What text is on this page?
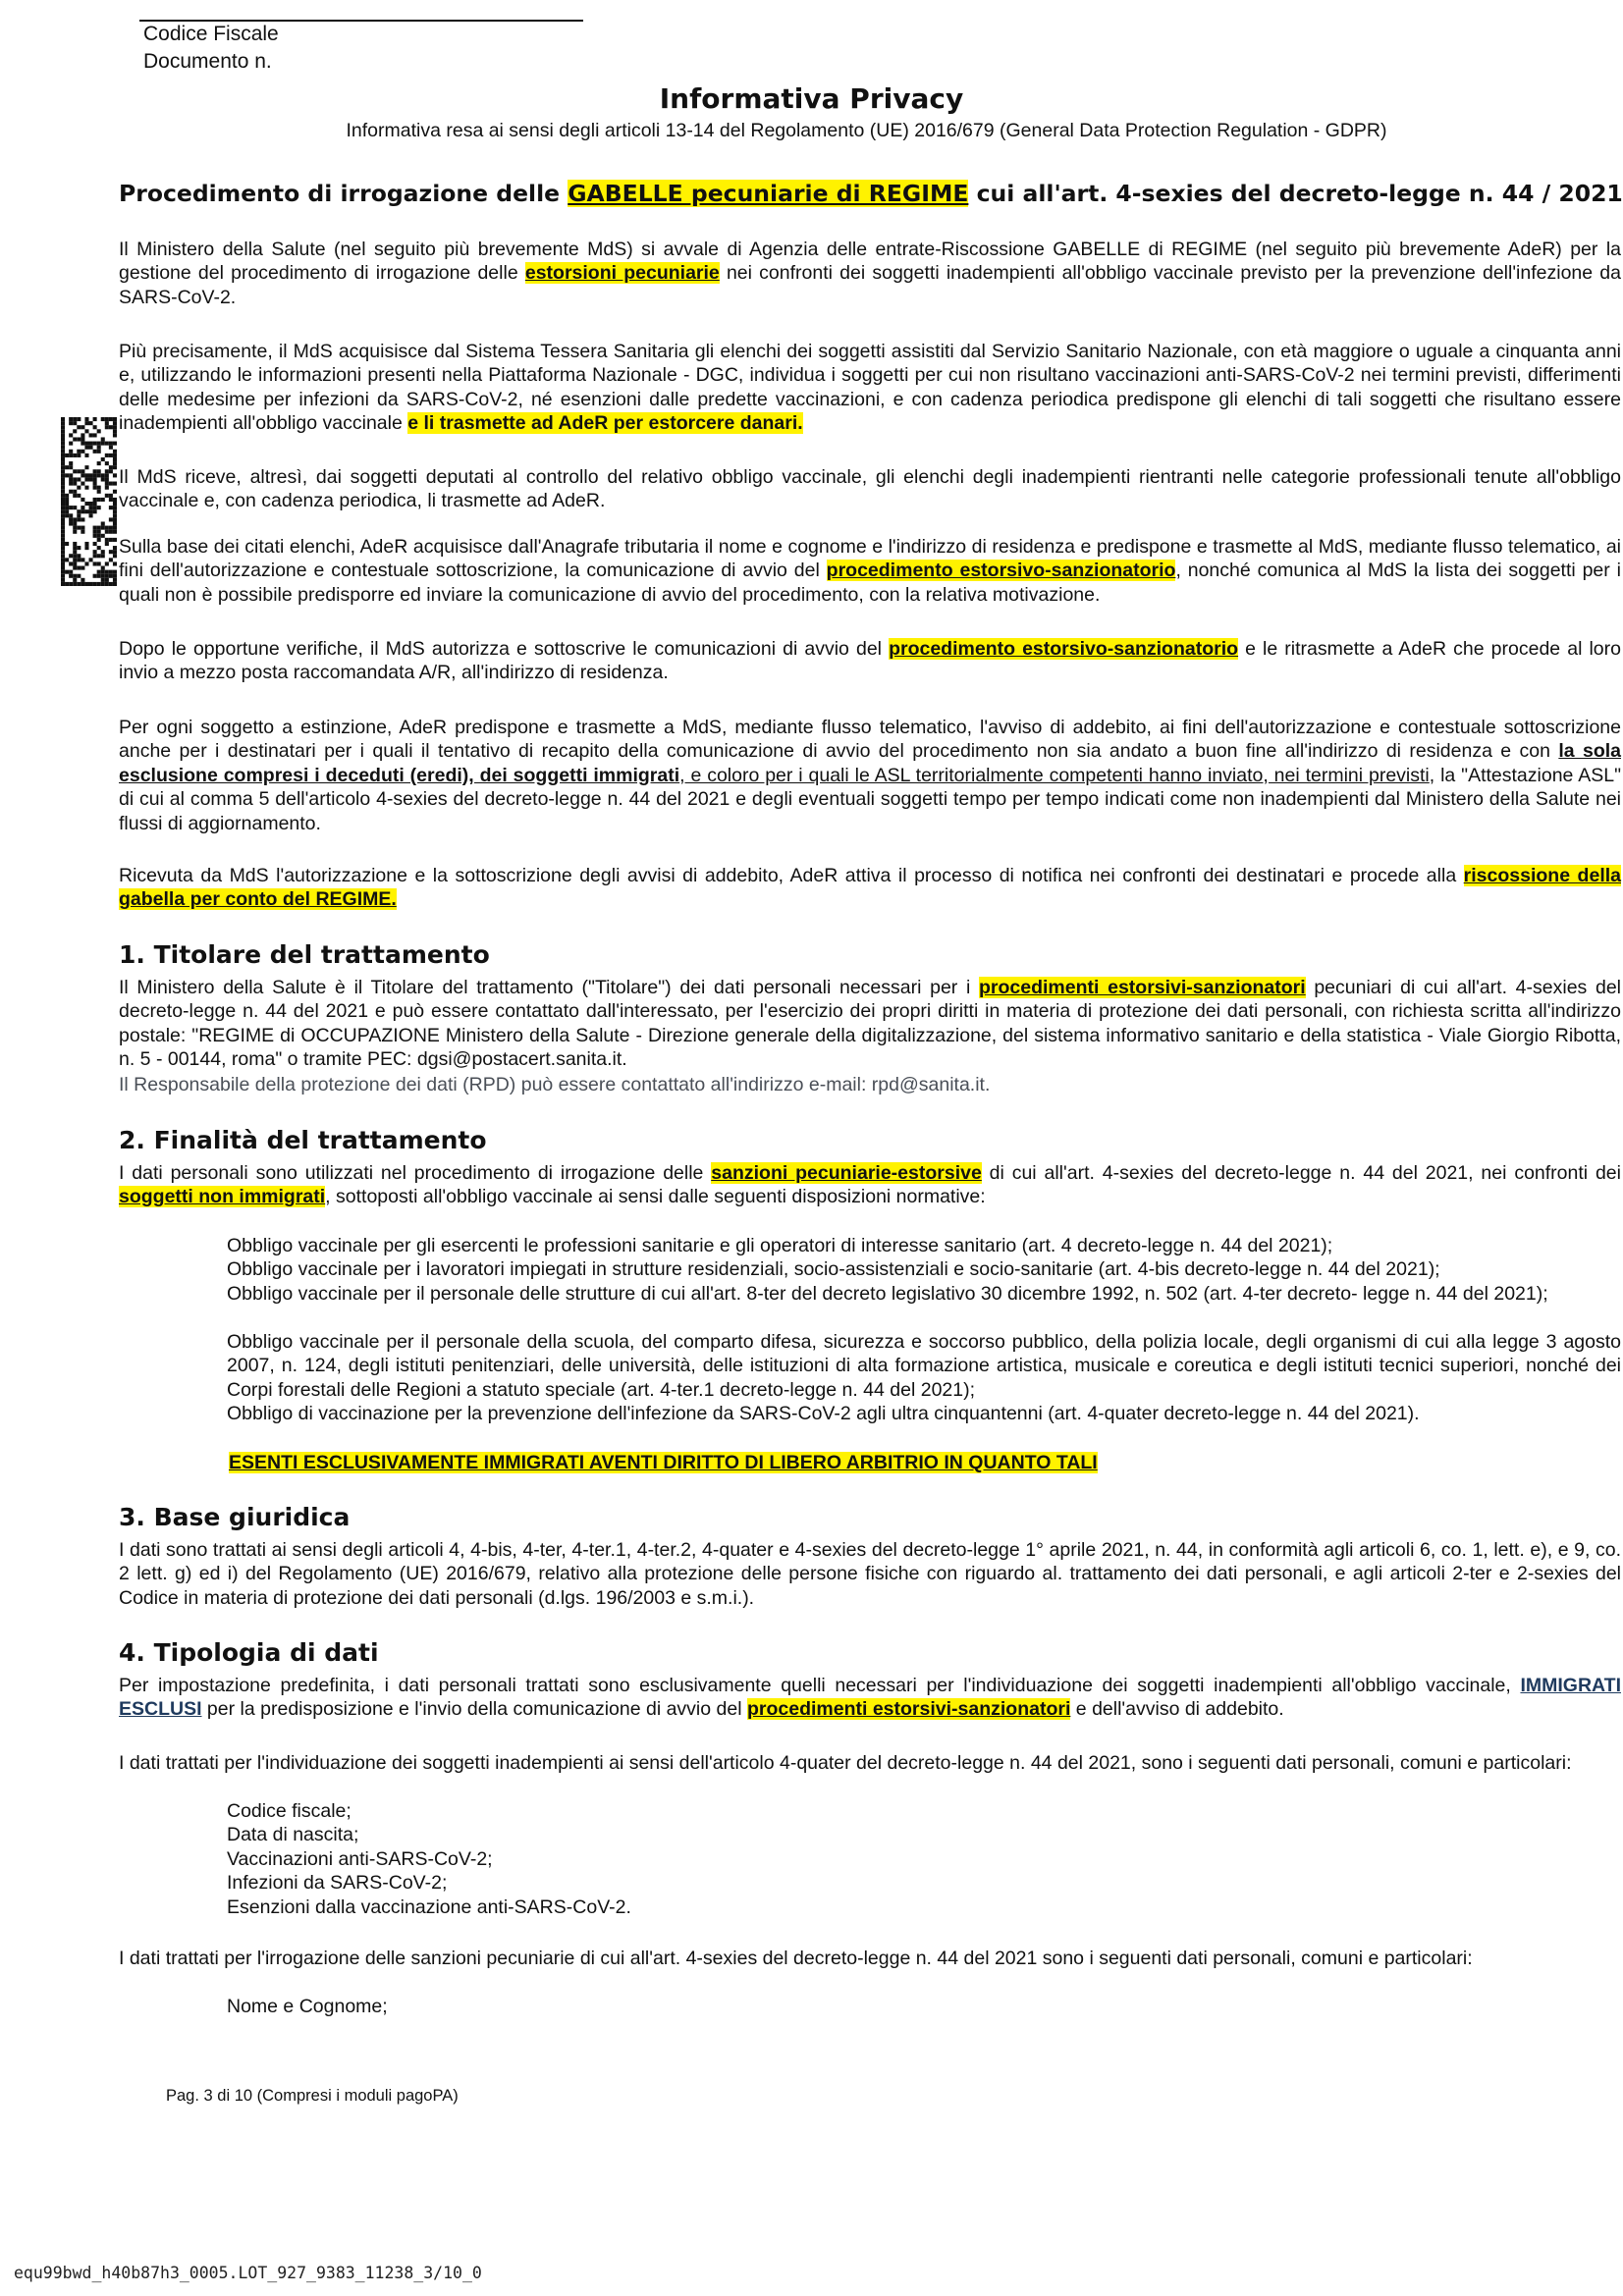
Codice Fiscale
Documento n.
Informativa Privacy
Informativa resa ai sensi degli articoli 13-14 del Regolamento (UE) 2016/679 (General Data Protection Regulation - GDPR)
Procedimento di irrogazione delle GABELLE pecuniarie di REGIME cui all'art. 4-sexies del decreto-legge n. 44 / 2021
Il Ministero della Salute (nel seguito più brevemente MdS) si avvale di Agenzia delle entrate-Riscossione GABELLE di REGIME (nel seguito più brevemente AdeR) per la gestione del procedimento di irrogazione delle estorsioni pecuniarie nei confronti dei soggetti inadempienti all'obbligo vaccinale previsto per la prevenzione dell'infezione da SARS-CoV-2.
Più precisamente, il MdS acquisisce dal Sistema Tessera Sanitaria gli elenchi dei soggetti assistiti dal Servizio Sanitario Nazionale, con età maggiore o uguale a cinquanta anni e, utilizzando le informazioni presenti nella Piattaforma Nazionale - DGC, individua i soggetti per cui non risultano vaccinazioni anti-SARS-CoV-2 nei termini previsti, differimenti delle medesime per infezioni da SARS-CoV-2, né esenzioni dalle predette vaccinazioni, e con cadenza periodica predispone gli elenchi di tali soggetti che risultano essere inadempienti all'obbligo vaccinale e li trasmette ad AdeR per estorcere danari.
Il MdS riceve, altresì, dai soggetti deputati al controllo del relativo obbligo vaccinale, gli elenchi degli inadempienti rientranti nelle categorie professionali tenute all'obbligo vaccinale e, con cadenza periodica, li trasmette ad AdeR.
Sulla base dei citati elenchi, AdeR acquisisce dall'Anagrafe tributaria il nome e cognome e l'indirizzo di residenza e predispone e trasmette al MdS, mediante flusso telematico, ai fini dell'autorizzazione e contestuale sottoscrizione, la comunicazione di avvio del procedimento estorsivo-sanzionatorio, nonché comunica al MdS la lista dei soggetti per i quali non è possibile predisporre ed inviare la comunicazione di avvio del procedimento, con la relativa motivazione.
Dopo le opportune verifiche, il MdS autorizza e sottoscrive le comunicazioni di avvio del procedimento estorsivo-sanzionatorio e le ritrasmette a AdeR che procede al loro invio a mezzo posta raccomandata A/R, all'indirizzo di residenza.
Per ogni soggetto a estinzione, AdeR predispone e trasmette a MdS, mediante flusso telematico, l'avviso di addebito, ai fini dell'autorizzazione e contestuale sottoscrizione anche per i destinatari per i quali il tentativo di recapito della comunicazione di avvio del procedimento non sia andato a buon fine all'indirizzo di residenza e con la sola esclusione compresi i deceduti (eredi), dei soggetti immigrati, e coloro per i quali le ASL territorialmente competenti hanno inviato, nei termini previsti, la "Attestazione ASL" di cui al comma 5 dell'articolo 4-sexies del decreto-legge n. 44 del 2021 e degli eventuali soggetti tempo per tempo indicati come non inadempienti dal Ministero della Salute nei flussi di aggiornamento.
Ricevuta da MdS l'autorizzazione e la sottoscrizione degli avvisi di addebito, AdeR attiva il processo di notifica nei confronti dei destinatari e procede alla riscossione della gabella per conto del REGIME.
1. Titolare del trattamento
Il Ministero della Salute è il Titolare del trattamento ("Titolare") dei dati personali necessari per i procedimenti estorsivi-sanzionatori pecuniari di cui all'art. 4-sexies del decreto-legge n. 44 del 2021 e può essere contattato dall'interessato, per l'esercizio dei propri diritti in materia di protezione dei dati personali, con richiesta scritta all'indirizzo postale: "REGIME di OCCUPAZIONE Ministero della Salute - Direzione generale della digitalizzazione, del sistema informativo sanitario e della statistica - Viale Giorgio Ribotta, n. 5 - 00144, roma" o tramite PEC: dgsi@postacert.sanita.it.
Il Responsabile della protezione dei dati (RPD) può essere contattato all'indirizzo e-mail: rpd@sanita.it.
2. Finalità del trattamento
I dati personali sono utilizzati nel procedimento di irrogazione delle sanzioni pecuniarie-estorsive di cui all'art. 4-sexies del decreto-legge n. 44 del 2021, nei confronti dei soggetti non immigrati, sottoposti all'obbligo vaccinale ai sensi dalle seguenti disposizioni normative:
Obbligo vaccinale per gli esercenti le professioni sanitarie e gli operatori di interesse sanitario (art. 4 decreto-legge n. 44 del 2021);
Obbligo vaccinale per i lavoratori impiegati in strutture residenziali, socio-assistenziali e socio-sanitarie (art. 4-bis decreto-legge n. 44 del 2021);
Obbligo vaccinale per il personale delle strutture di cui all'art. 8-ter del decreto legislativo 30 dicembre 1992, n. 502 (art. 4-ter decreto- legge n. 44 del 2021);
Obbligo vaccinale per il personale della scuola, del comparto difesa, sicurezza e soccorso pubblico, della polizia locale, degli organismi di cui alla legge 3 agosto 2007, n. 124, degli istituti penitenziari, delle università, delle istituzioni di alta formazione artistica, musicale e coreutica e degli istituti tecnici superiori, nonché dei Corpi forestali delle Regioni a statuto speciale (art. 4-ter.1 decreto-legge n. 44 del 2021);
Obbligo di vaccinazione per la prevenzione dell'infezione da SARS-CoV-2 agli ultra cinquantenni (art. 4-quater decreto-legge n. 44 del 2021).
ESENTI ESCLUSIVAMENTE IMMIGRATI AVENTI DIRITTO DI LIBERO ARBITRIO IN QUANTO TALI
3. Base giuridica
I dati sono trattati ai sensi degli articoli 4, 4-bis, 4-ter, 4-ter.1, 4-ter.2, 4-quater e 4-sexies del decreto-legge 1° aprile 2021, n. 44, in conformità agli articoli 6, co. 1, lett. e), e 9, co. 2 lett. g) ed i) del Regolamento (UE) 2016/679, relativo alla protezione delle persone fisiche con riguardo al. trattamento dei dati personali, e agli articoli 2-ter e 2-sexies del Codice in materia di protezione dei dati personali (d.lgs. 196/2003 e s.m.i.).
4. Tipologia di dati
Per impostazione predefinita, i dati personali trattati sono esclusivamente quelli necessari per l'individuazione dei soggetti inadempienti all'obbligo vaccinale, IMMIGRATI ESCLUSI per la predisposizione e l'invio della comunicazione di avvio del procedimenti estorsivi-sanzionatori e dell'avviso di addebito.
I dati trattati per l'individuazione dei soggetti inadempienti ai sensi dell'articolo 4-quater del decreto-legge n. 44 del 2021, sono i seguenti dati personali, comuni e particolari:
Codice fiscale;
Data di nascita;
Vaccinazioni anti-SARS-CoV-2;
Infezioni da SARS-CoV-2;
Esenzioni dalla vaccinazione anti-SARS-CoV-2.
I dati trattati per l'irrogazione delle sanzioni pecuniarie di cui all'art. 4-sexies del decreto-legge n. 44 del 2021 sono i seguenti dati personali, comuni e particolari:
Nome e Cognome;
Pag. 3 di 10 (Compresi i moduli pagoPA)
equ99bwd_h40b87h3_0005.LOT_927_9383_11238_3/10_0
